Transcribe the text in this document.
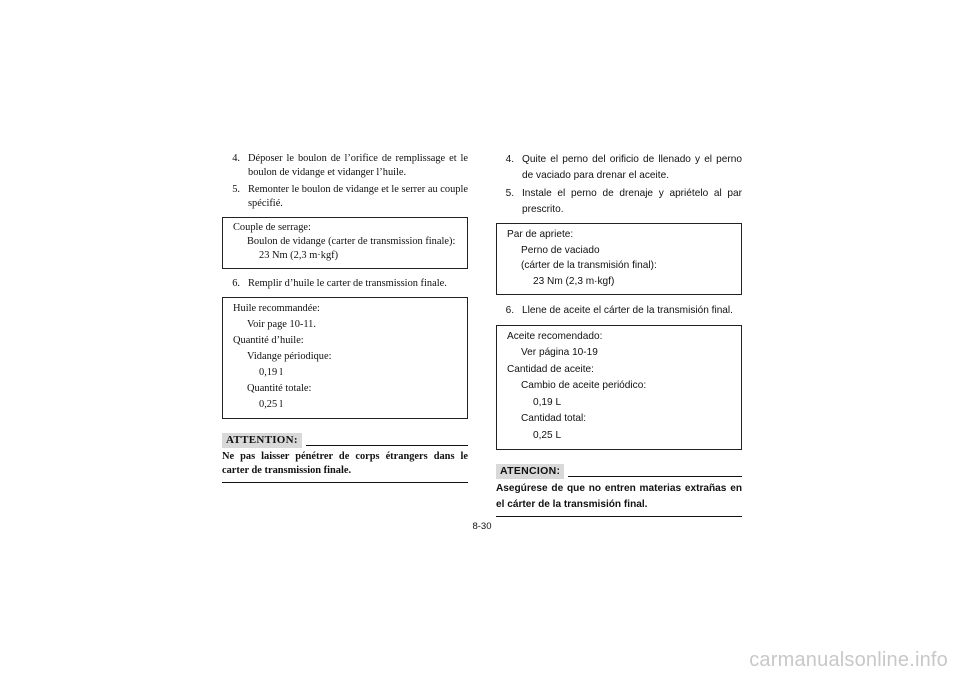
4. Déposer le boulon de l’orifice de remplissage et le boulon de vidange et vidanger l’huile.
5. Remonter le boulon de vidange et le serrer au couple spécifié.
Couple de serrage:
Boulon de vidange (carter de transmission finale):
23 Nm (2,3 m·kgf)
6. Remplir d’huile le carter de transmission finale.
Huile recommandée:
Voir page 10-11.
Quantité d’huile:
Vidange périodique:
0,19 l
Quantité totale:
0,25 l
ATTENTION:
Ne pas laisser pénétrer de corps étrangers dans le carter de transmission finale.
4. Quite el perno del orificio de llenado y el perno de vaciado para drenar el aceite.
5. Instale el perno de drenaje y apriételo al par prescrito.
Par de apriete:
Perno de vaciado
(cárter de la transmisión final):
23 Nm (2,3 m·kgf)
6. Llene de aceite el cárter de la transmisión final.
Aceite recomendado:
Ver página 10-19
Cantidad de aceite:
Cambio de aceite periódico:
0,19 L
Cantidad total:
0,25 L
ATENCION:
Asegúrese de que no entren materias extrañas en el cárter de la transmisión final.
8-30
carmanualsonline.info
